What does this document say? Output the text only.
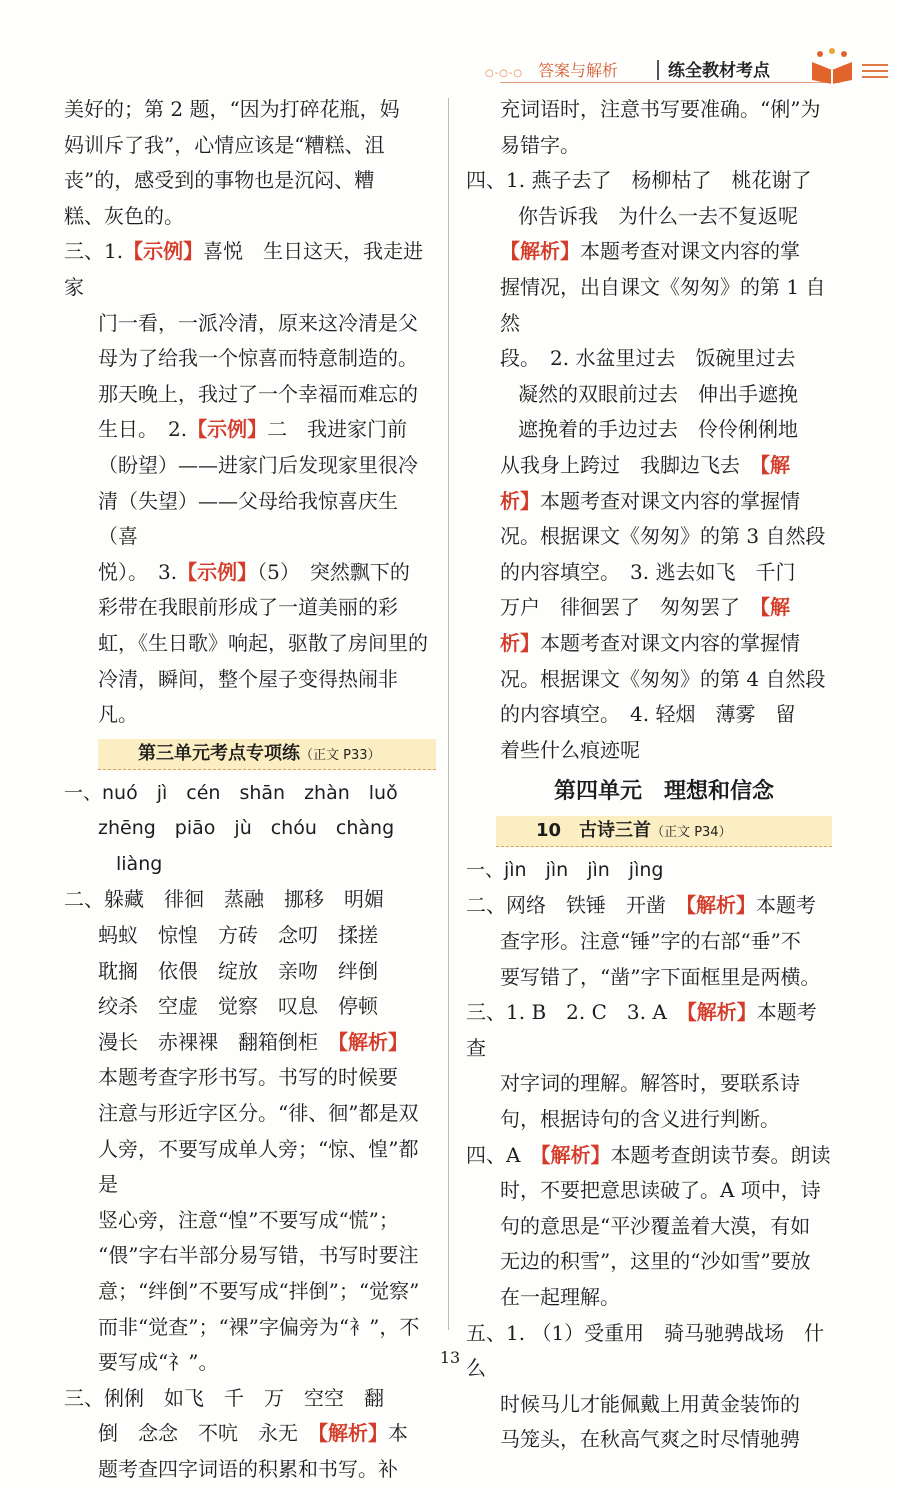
○-○-○ 答案与解析	练全教材考点
美好的；第 2 题，“因为打碎花瓶，妈
妈训斥了我”，心情应该是“糟糕、沮
丧”的，感受到的事物也是沉闷、糟
糕、灰色的。
三、1.【示例】喜悦　生日这天，我走进家
门一看，一派冷清，原来这冷清是父
母为了给我一个惊喜而特意制造的。
那天晚上，我过了一个幸福而难忘的
生日。　2.【示例】二　我进家门前
（盼望）——进家门后发现家里很冷
清（失望）——父母给我惊喜庆生（喜
悦）。　3.【示例】（5）　突然飘下的
彩带在我眼前形成了一道美丽的彩
虹，《生日歌》响起，驱散了房间里的
冷清，瞬间，整个屋子变得热闹非凡。
第三单元考点专项练（正文 P33）
一、nuó　jì　cén　shān　zhàn　luǒ
zhēng　piāo　jù　chóu　chàng
liàng
二、躲藏　徘徊　蒸融　挪移　明媚
蚂蚁　惊惶　方砖　念叨　揉搓
耽搁　依偎　绽放　亲吻　绊倒
绞杀　空虚　觉察　叹息　停顿
漫长　赤裸裸　翻箱倒柜　【解析】
本题考查字形书写。书写的时候要
注意与形近字区分。“徘、徊”都是双
人旁，不要写成单人旁；“惊、惶”都是
竖心旁，注意“惶”不要写成“慌”；
“偎”字右半部分易写错，书写时要注
意；“绊倒”不要写成“拌倒”；“觉察”
而非“觉查”；“裸”字偏旁为“衤”，不
要写成“礻”。
三、俐俐　如飞　千　万　空空　翻
倒　念念　不吭　永无　【解析】本
题考查四字词语的积累和书写。补
充词语时，注意书写要准确。“俐”为
易错字。
四、1. 燕子去了　杨柳枯了　桃花谢了
你告诉我　为什么一去不复返呢
【解析】本题考查对课文内容的掌
握情况，出自课文《匆匆》的第 1 自然
段。　2. 水盆里过去　饭碗里过去
凝然的双眼前过去　伸出手遮挽
遮挽着的手边过去　伶伶俐俐地
从我身上跨过　我脚边飞去　【解
析】本题考查对课文内容的掌握情
况。根据课文《匆匆》的第 3 自然段
的内容填空。　3. 逃去如飞　千门
万户　徘徊罢了　匆匆罢了　【解
析】本题考查对课文内容的掌握情
况。根据课文《匆匆》的第 4 自然段
的内容填空。　4. 轻烟　薄雾　留
着些什么痕迹呢
第四单元　理想和信念
10　古诗三首（正文 P34）
一、jìn　jìn　jìn　jìng
二、网络　铁锤　开凿　【解析】本题考
查字形。注意“锤”字的右部“垂”不
要写错了，“凿”字下面框里是两横。
三、1. B　2. C　3. A　【解析】本题考查
对字词的理解。解答时，要联系诗
句，根据诗句的含义进行判断。
四、A　【解析】本题考查朗读节奏。朗读
时，不要把意思读破了。A 项中，诗
句的意思是“平沙覆盖着大漠，有如
无边的积雪”，这里的“沙如雪”要放
在一起理解。
五、1. （1）受重用　骑马驰骋战场　什么
时候马儿才能佩戴上用黄金装饰的
马笼头，在秋高气爽之时尽情驰骋
13
